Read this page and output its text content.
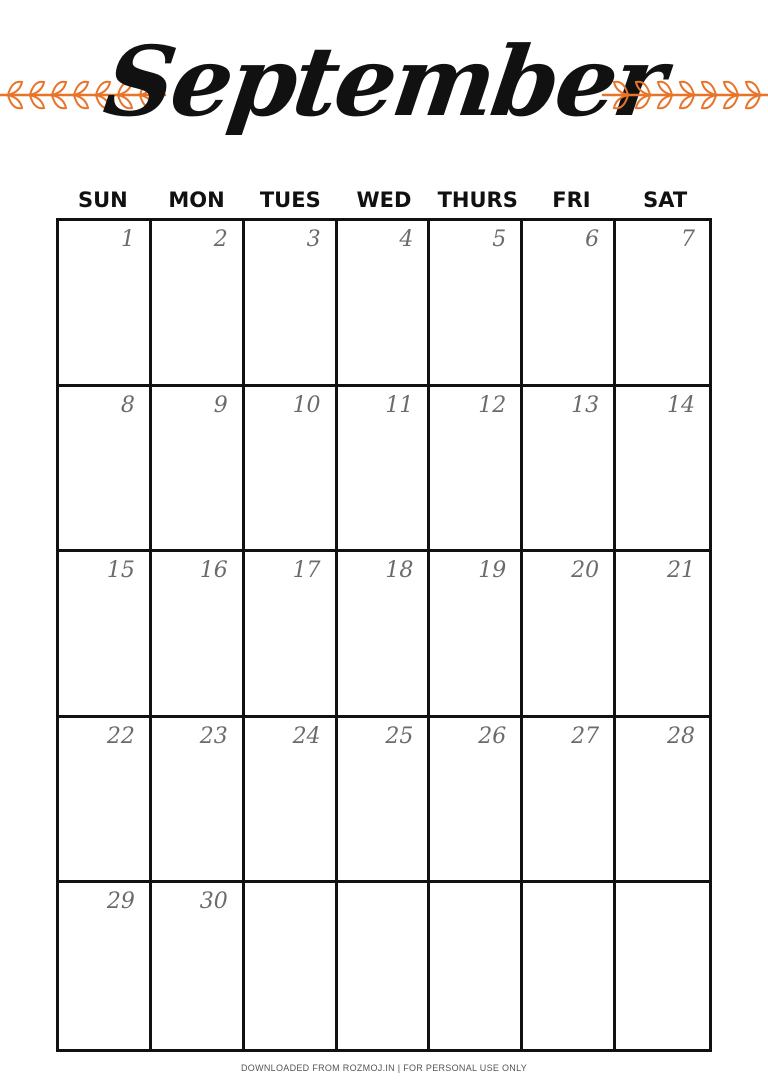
September
SUN	MON	TUES	WED	THURS	FRI	SAT
1	2	3	4	5	6	7
8	9	10	11	12	13	14
15	16	17	18	19	20	21
22	23	24	25	26	27	28
29	30
DOWNLOADED FROM ROZMOJ.IN | FOR PERSONAL USE ONLY
